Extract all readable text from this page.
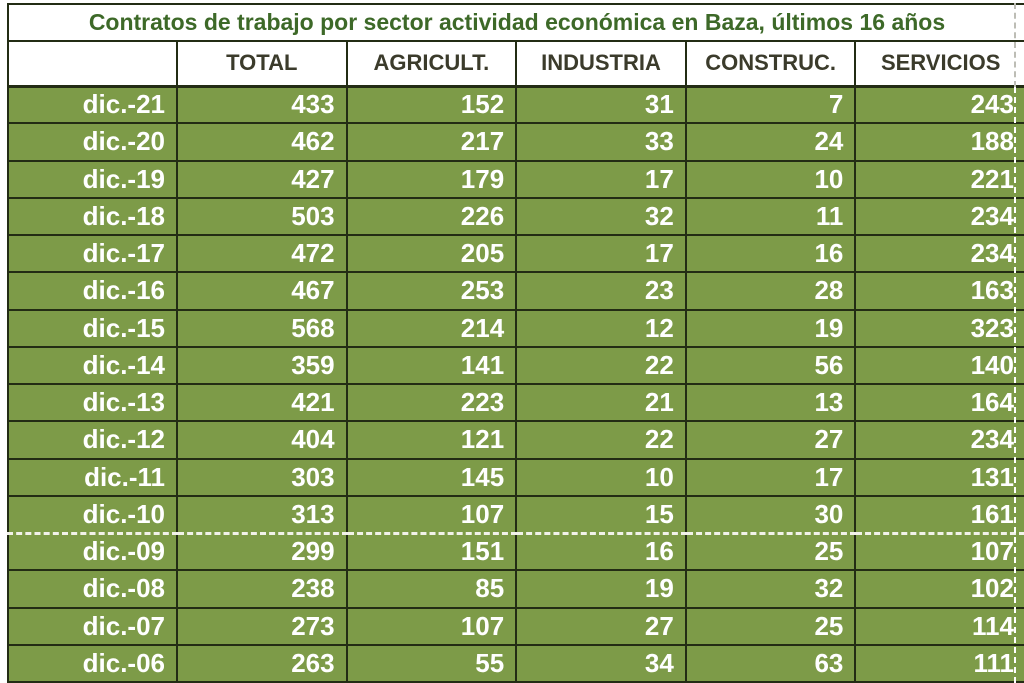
Contratos de trabajo por sector actividad económica en Baza, últimos 16 años					
	TOTAL	AGRICULT.	INDUSTRIA	CONSTRUC.	SERVICIOS
dic.-21	433	152	31	7	243
dic.-20	462	217	33	24	188
dic.-19	427	179	17	10	221
dic.-18	503	226	32	11	234
dic.-17	472	205	17	16	234
dic.-16	467	253	23	28	163
dic.-15	568	214	12	19	323
dic.-14	359	141	22	56	140
dic.-13	421	223	21	13	164
dic.-12	404	121	22	27	234
dic.-11	303	145	10	17	131
dic.-10	313	107	15	30	161
dic.-09	299	151	16	25	107
dic.-08	238	85	19	32	102
dic.-07	273	107	27	25	114
dic.-06	263	55	34	63	111
